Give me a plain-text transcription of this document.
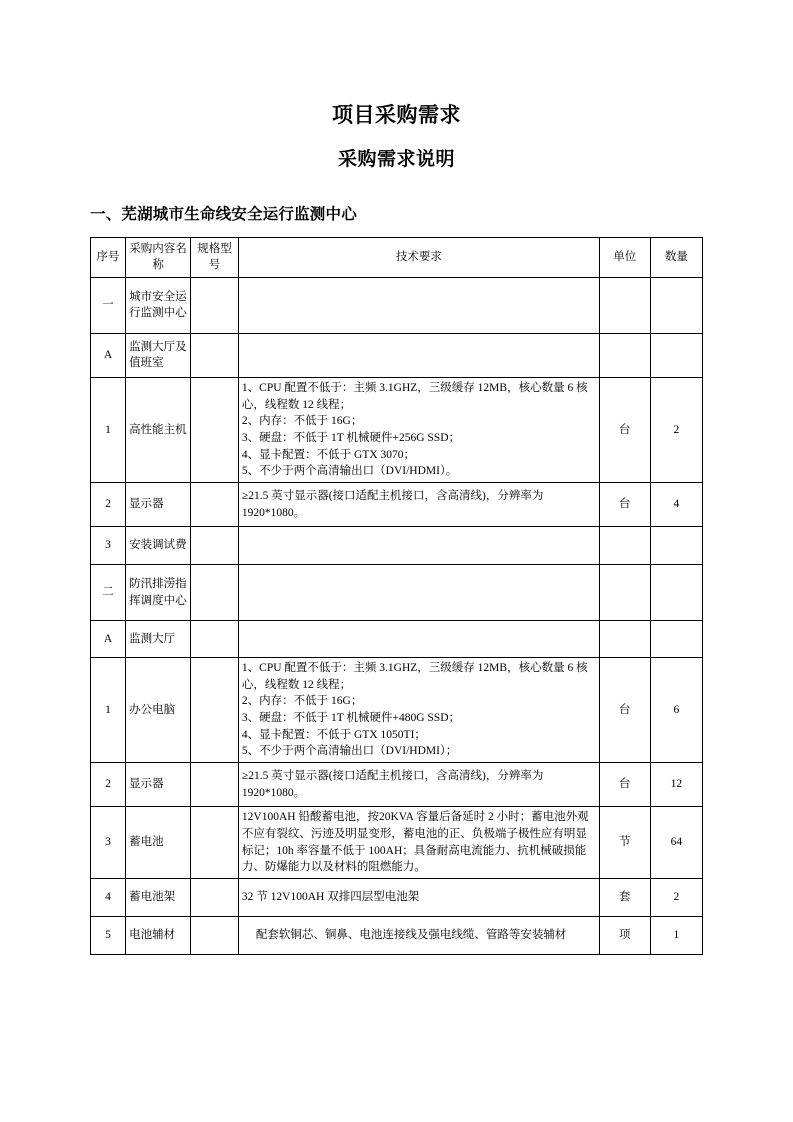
项目采购需求
采购需求说明
一、芜湖城市生命线安全运行监测中心
序号	采购内容名称	规格型号	技术要求	单位	数量
一	城市安全运行监测中心				
A	监测大厅及值班室				
1	高性能主机		1、CPU 配置不低于：主频 3.1GHZ，三级缓存 12MB，核心数量 6 核心，线程数 12 线程；
2、内存：不低于 16G；
3、硬盘：不低于 1T 机械硬件+256G SSD；
4、显卡配置：不低于 GTX 3070；
5、不少于两个高清输出口（DVI/HDMI）。	台	2
2	显示器		≥21.5 英寸显示器(接口适配主机接口，含高清线)，分辨率为 1920*1080。	台	4
3	安装调试费				
二	防汛排涝指挥调度中心				
A	监测大厅				
1	办公电脑		1、CPU 配置不低于：主频 3.1GHZ，三级缓存 12MB，核心数量 6 核心，线程数 12 线程；
2、内存：不低于 16G；
3、硬盘：不低于 1T 机械硬件+480G SSD；
4、显卡配置：不低于 GTX 1050TI；
5、不少于两个高清输出口（DVI/HDMI）；	台	6
2	显示器		≥21.5 英寸显示器(接口适配主机接口，含高清线)，分辨率为 1920*1080。	台	12
3	蓄电池		12V100AH 铅酸蓄电池，按20KVA 容量后备延时 2 小时；蓄电池外观不应有裂纹、污迹及明显变形，蓄电池的正、负极端子极性应有明显标记；10h 率容量不低于 100AH；具备耐高电流能力、抗机械破损能力、防爆能力以及材料的阻燃能力。	节	64
4	蓄电池架		32 节 12V100AH 双排四层型电池架	套	2
5	电池辅材		配套软铜芯、铜鼻、电池连接线及强电线缆、管路等安装辅材	项	1
